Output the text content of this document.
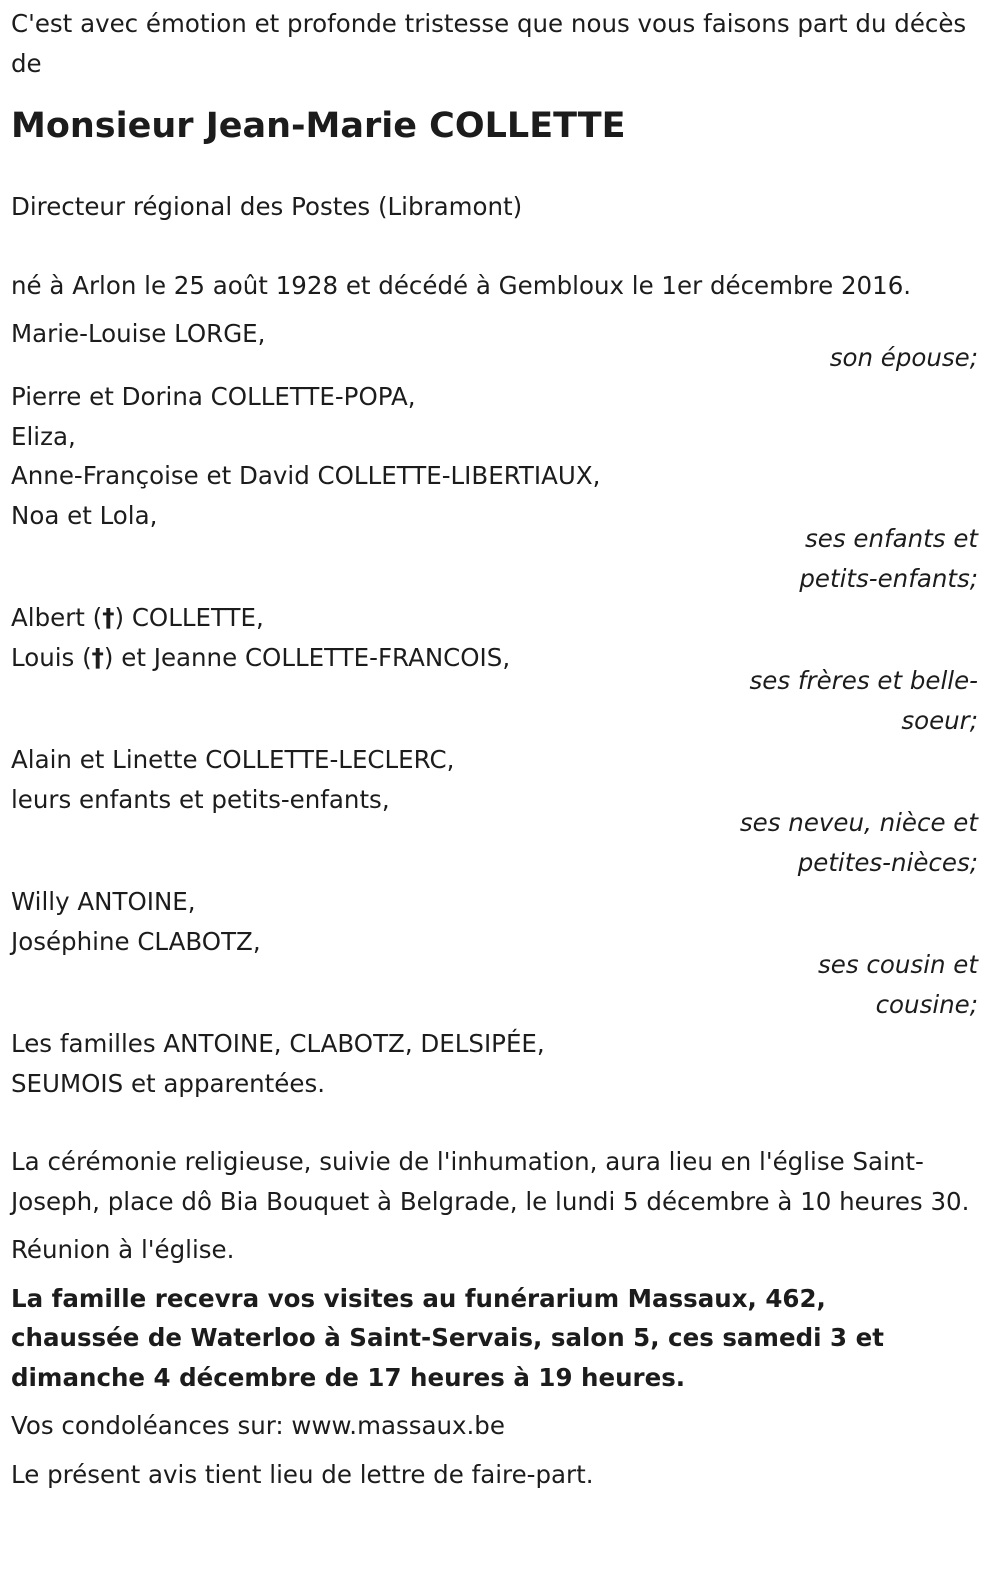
C'est avec émotion et profonde tristesse que nous vous faisons part du décès de

Monsieur Jean-Marie COLLETTE

Directeur régional des Postes (Libramont)

né à Arlon le 25 août 1928 et décédé à Gembloux le 1er décembre 2016.

Marie-Louise LORGE,

son épouse;

Pierre et Dorina COLLETTE-POPA,

Eliza,

Anne-Françoise et David COLLETTE-LIBERTIAUX,

Noa et Lola,

ses enfants et petits-enfants;

Albert (†) COLLETTE,

Louis (†) et Jeanne COLLETTE-FRANCOIS,

ses frères et belle-soeur;

Alain et Linette COLLETTE-LECLERC,

leurs enfants et petits-enfants,

ses neveu, nièce et petites-nièces;

Willy ANTOINE,

Joséphine CLABOTZ,

ses cousin et cousine;

Les familles ANTOINE, CLABOTZ, DELSIPÉE, SEUMOIS et apparentées.

La cérémonie religieuse, suivie de l'inhumation, aura lieu en l'église Saint-Joseph, place dô Bia Bouquet à Belgrade, le lundi 5 décembre à 10 heures 30.

Réunion à l'église.

La famille recevra vos visites au funérarium Massaux, 462, chaussée de Waterloo à Saint-Servais, salon 5, ces samedi 3 et dimanche 4 décembre de 17 heures à 19 heures.

Vos condoléances sur: www.massaux.be

Le présent avis tient lieu de lettre de faire-part.
